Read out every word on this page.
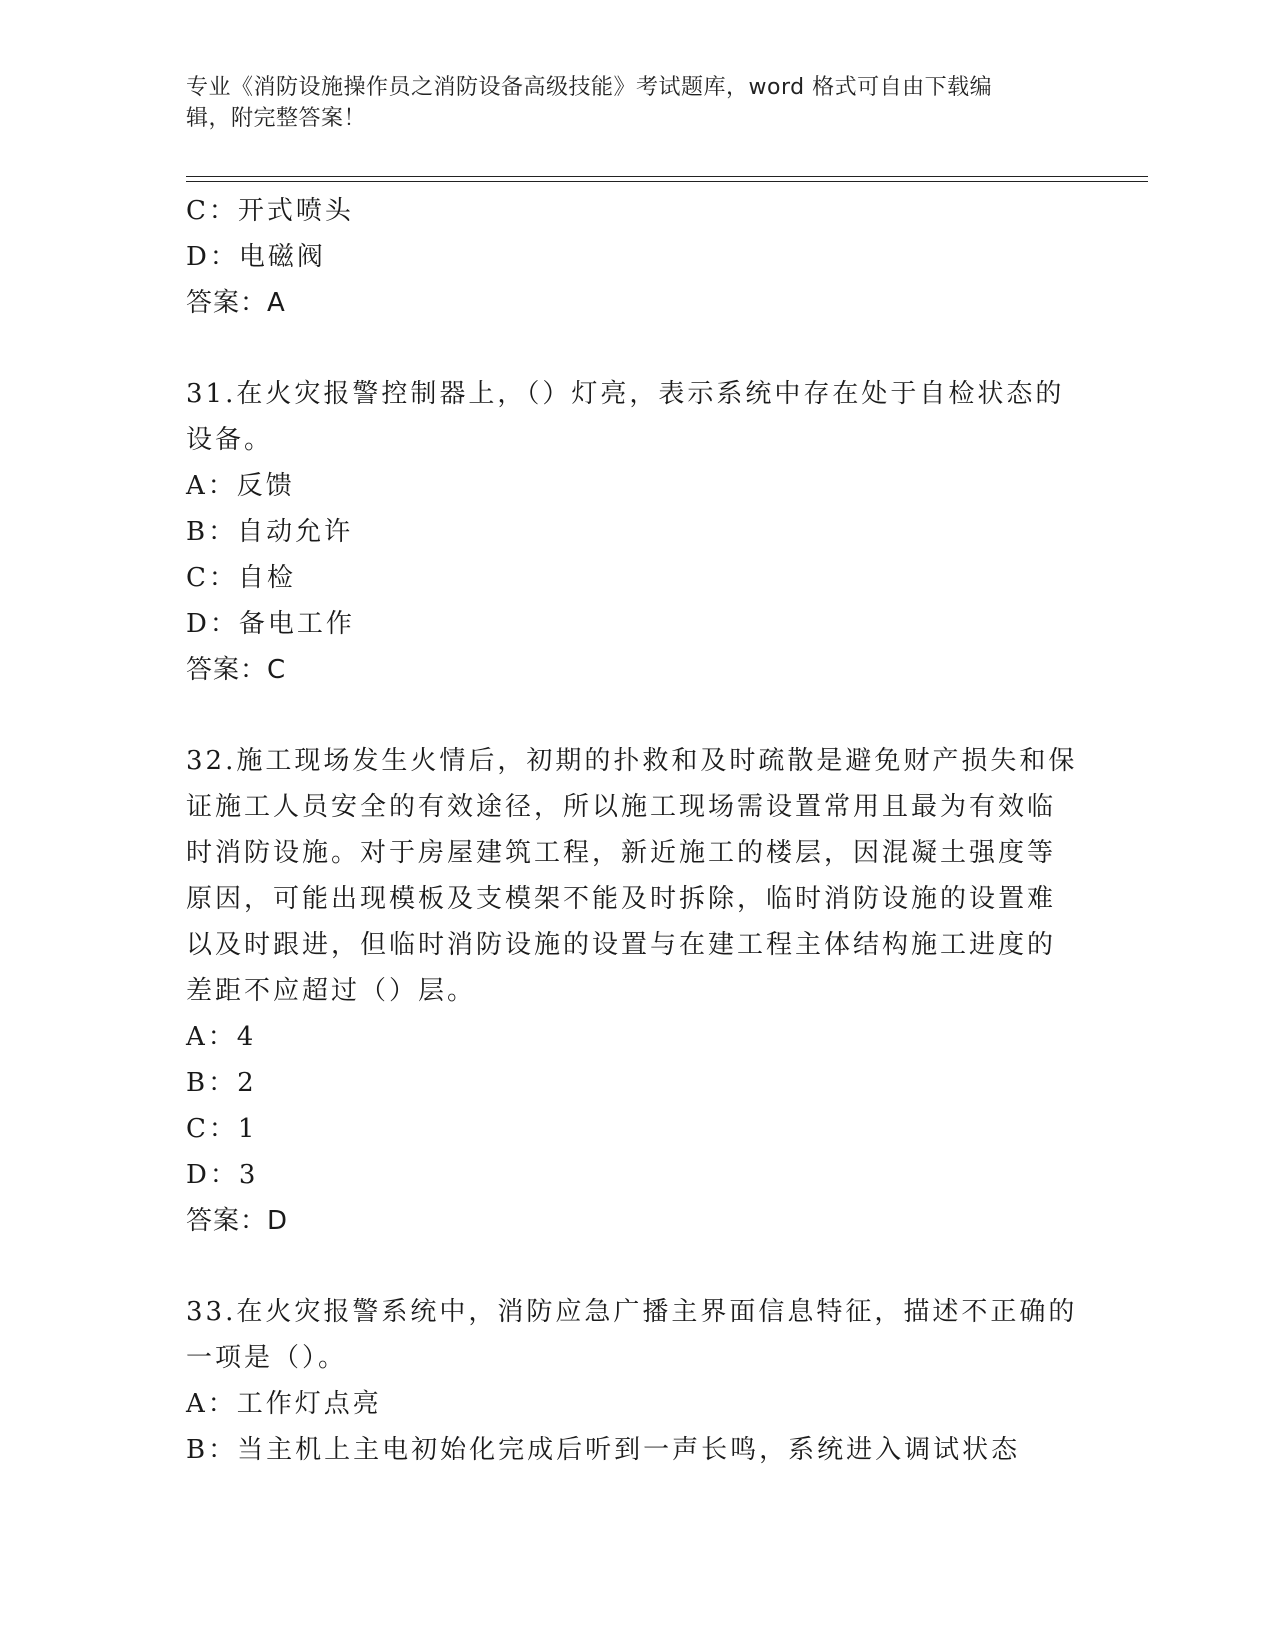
专业《消防设施操作员之消防设备高级技能》考试题库，word 格式可自由下载编
辑，附完整答案！
C：开式喷头
D：电磁阀
答案：A
31.在火灾报警控制器上，（）灯亮，表示系统中存在处于自检状态的
设备。
A：反馈
B：自动允许
C：自检
D：备电工作
答案：C
32.施工现场发生火情后，初期的扑救和及时疏散是避免财产损失和保
证施工人员安全的有效途径，所以施工现场需设置常用且最为有效临
时消防设施。对于房屋建筑工程，新近施工的楼层，因混凝土强度等
原因，可能出现模板及支模架不能及时拆除，临时消防设施的设置难
以及时跟进，但临时消防设施的设置与在建工程主体结构施工进度的
差距不应超过（）层。
A：4
B：2
C：1
D：3
答案：D
33.在火灾报警系统中，消防应急广播主界面信息特征，描述不正确的
一项是（）。
A：工作灯点亮
B：当主机上主电初始化完成后听到一声长鸣，系统进入调试状态
